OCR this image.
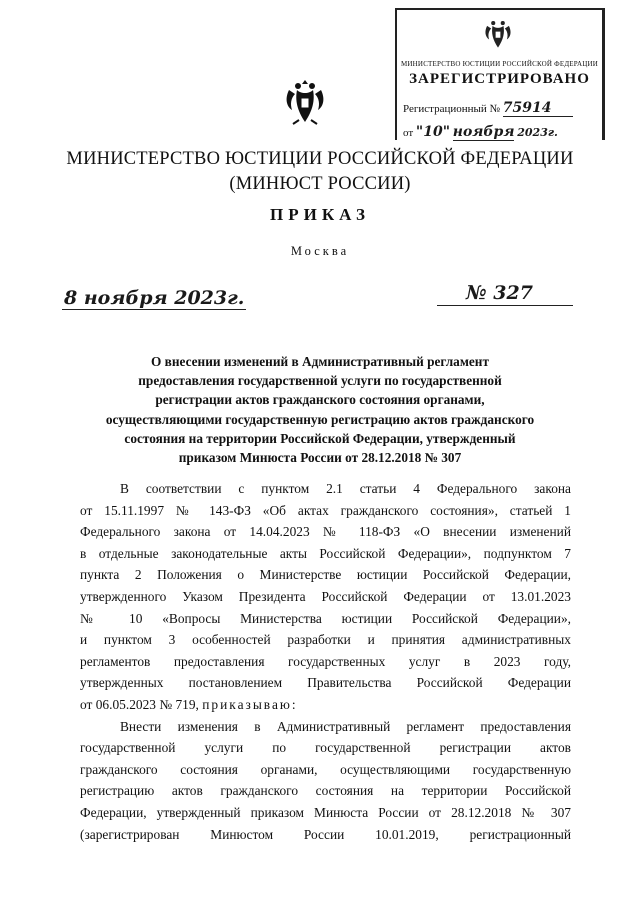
МИНИСТЕРСТВО ЮСТИЦИИ РОССИЙСКОЙ ФЕДЕРАЦИИ
ЗАРЕГИСТРИРОВАНО
Регистрационный № 75914
от "10" ноября 2023г.
МИНИСТЕРСТВО ЮСТИЦИИ РОССИЙСКОЙ ФЕДЕРАЦИИ
(МИНЮСТ РОССИИ)
ПРИКАЗ
Москва
8 ноября 2023г.	№ 327
О внесении изменений в Административный регламент
предоставления государственной услуги по государственной
регистрации актов гражданского состояния органами,
осуществляющими государственную регистрацию актов гражданского
состояния на территории Российской Федерации, утвержденный
приказом Минюста России от 28.12.2018 № 307
В соответствии с пунктом 2.1 статьи 4 Федерального закона
от 15.11.1997 № 143-ФЗ «Об актах гражданского состояния», статьей 1
Федерального закона от 14.04.2023 № 118-ФЗ «О внесении изменений
в отдельные законодательные акты Российской Федерации», подпунктом 7
пункта 2 Положения о Министерстве юстиции Российской Федерации,
утвержденного Указом Президента Российской Федерации от 13.01.2023
№ 10 «Вопросы Министерства юстиции Российской Федерации»,
и пунктом 3 особенностей разработки и принятия административных
регламентов предоставления государственных услуг в 2023 году,
утвержденных постановлением Правительства Российской Федерации
от 06.05.2023 № 719, приказываю:
Внести изменения в Административный регламент предоставления
государственной услуги по государственной регистрации актов
гражданского состояния органами, осуществляющими государственную
регистрацию актов гражданского состояния на территории Российской
Федерации, утвержденный приказом Минюста России от 28.12.2018 № 307
(зарегистрирован Минюстом России 10.01.2019, регистрационный
